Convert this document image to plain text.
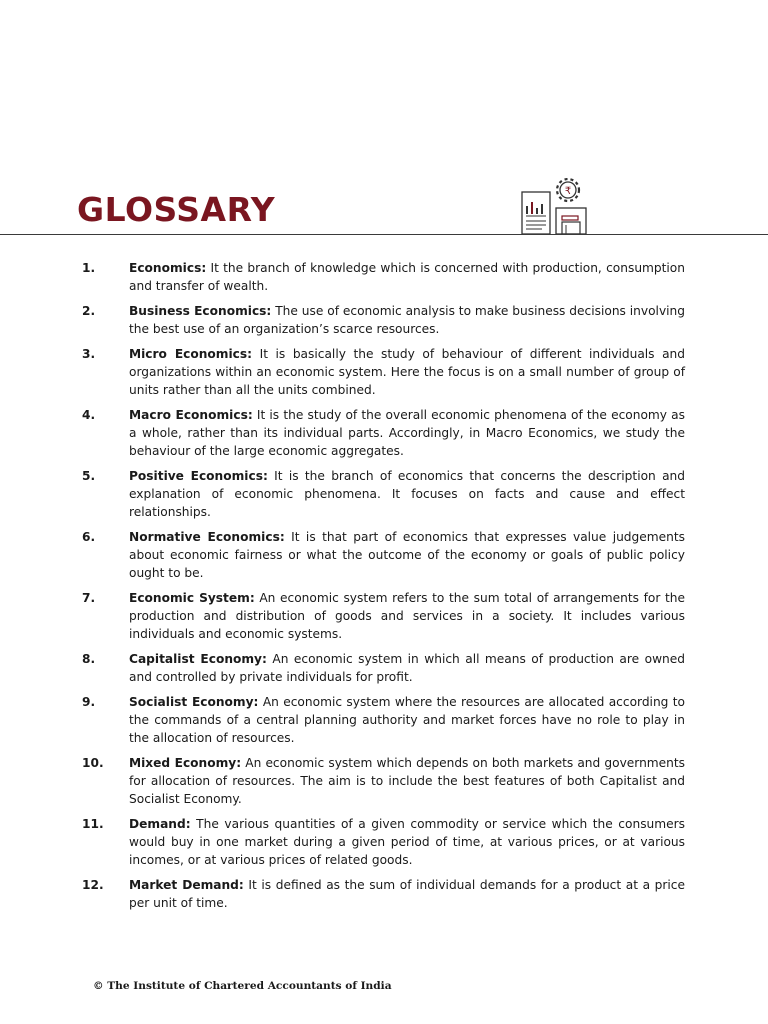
GLOSSARY	₹
1.	Economics: It the branch of knowledge which is concerned with production, consumption and transfer of wealth.
2.	Business Economics: The use of economic analysis to make business decisions involving the best use of an organization’s scarce resources.
3.	Micro Economics: It is basically the study of behaviour of different individuals and organizations within an economic system. Here the focus is on a small number of group of units rather than all the units combined.
4.	Macro Economics: It is the study of the overall economic phenomena of the economy as a whole, rather than its individual parts. Accordingly, in Macro Economics, we study the behaviour of the large economic aggregates.
5.	Positive Economics: It is the branch of economics that concerns the description and explanation of economic phenomena. It focuses on facts and cause and effect relationships.
6.	Normative Economics: It is that part of economics that expresses value judgements about economic fairness or what the outcome of the economy or goals of public policy ought to be.
7.	Economic System: An economic system refers to the sum total of arrangements for the production and distribution of goods and services in a society. It includes various individuals and economic systems.
8.	Capitalist Economy: An economic system in which all means of production are owned and controlled by private individuals for profit.
9.	Socialist Economy: An economic system where the resources are allocated according to the commands of a central planning authority and market forces have no role to play in the allocation of resources.
10.	Mixed Economy: An economic system which depends on both markets and governments for allocation of resources. The aim is to include the best features of both Capitalist and Socialist Economy.
11.	Demand: The various quantities of a given commodity or service which the consumers would buy in one market during a given period of time, at various prices, or at various incomes, or at various prices of related goods.
12.	Market Demand: It is defined as the sum of individual demands for a product at a price per unit of time.
© The Institute of Chartered Accountants of India
